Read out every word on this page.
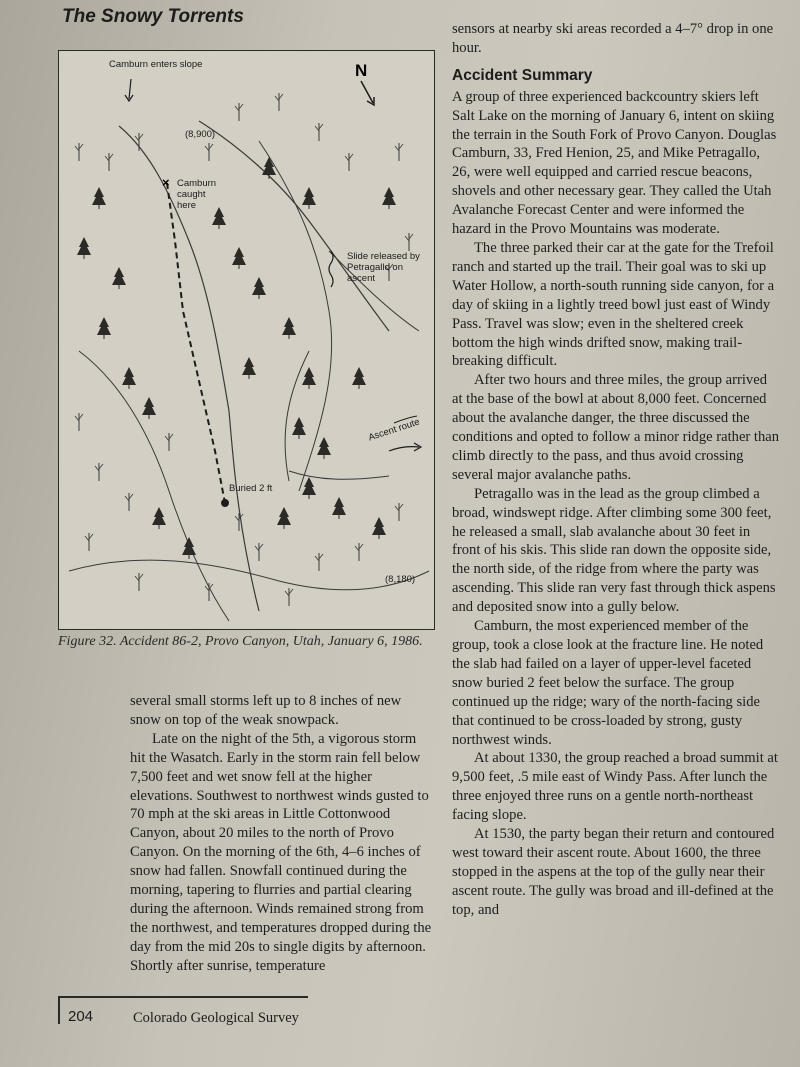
The Snowy Torrents
×
Camburn enters slope	N
(8,900)
Camburn
caught
here
Slide released by
Petragallo on
ascent
Ascent route
Buried 2 ft
(8,180)
Figure 32. Accident 86-2, Provo Canyon, Utah, January 6, 1986.

several small storms left up to 8 inches of new snow on top of the weak snowpack.

Late on the night of the 5th, a vigorous storm hit the Wasatch. Early in the storm rain fell below 7,500 feet and wet snow fell at the higher elevations. Southwest to northwest winds gusted to 70 mph at the ski areas in Little Cottonwood Canyon, about 20 miles to the north of Provo Canyon. On the morning of the 6th, 4–6 inches of snow had fallen. Snowfall continued during the morning, tapering to flurries and partial clearing during the afternoon. Winds remained strong from the northwest, and temperatures dropped during the day from the mid 20s to single digits by afternoon. Shortly after sunrise, temperature

sensors at nearby ski areas recorded a 4–7° drop in one hour.

Accident Summary

A group of three experienced backcountry skiers left Salt Lake on the morning of January 6, intent on skiing the terrain in the South Fork of Provo Canyon. Douglas Camburn, 33, Fred Henion, 25, and Mike Petragallo, 26, were well equipped and carried rescue beacons, shovels and other necessary gear. They called the Utah Avalanche Forecast Center and were informed the hazard in the Provo Mountains was moderate.

The three parked their car at the gate for the Trefoil ranch and started up the trail. Their goal was to ski up Water Hollow, a north-south running side canyon, for a day of skiing in a lightly treed bowl just east of Windy Pass. Travel was slow; even in the sheltered creek bottom the high winds drifted snow, making trail-breaking difficult.

After two hours and three miles, the group arrived at the base of the bowl at about 8,000 feet. Concerned about the avalanche danger, the three discussed the conditions and opted to follow a minor ridge rather than climb directly to the pass, and thus avoid crossing several major avalanche paths.

Petragallo was in the lead as the group climbed a broad, windswept ridge. After climbing some 300 feet, he released a small, slab avalanche about 30 feet in front of his skis. This slide ran down the opposite side, the north side, of the ridge from where the party was ascending. This slide ran very fast through thick aspens and deposited snow into a gully below.

Camburn, the most experienced member of the group, took a close look at the fracture line. He noted the slab had failed on a layer of upper-level faceted snow buried 2 feet below the surface. The group continued up the ridge; wary of the north-facing side that continued to be cross-loaded by strong, gusty northwest winds.

At about 1330, the group reached a broad summit at 9,500 feet, .5 mile east of Windy Pass. After lunch the three enjoyed three runs on a gentle north-northeast facing slope.

At 1530, the party began their return and contoured west toward their ascent route. About 1600, the three stopped in the aspens at the top of the gully near their ascent route. The gully was broad and ill-defined at the top, and

204	Colorado Geological Survey
